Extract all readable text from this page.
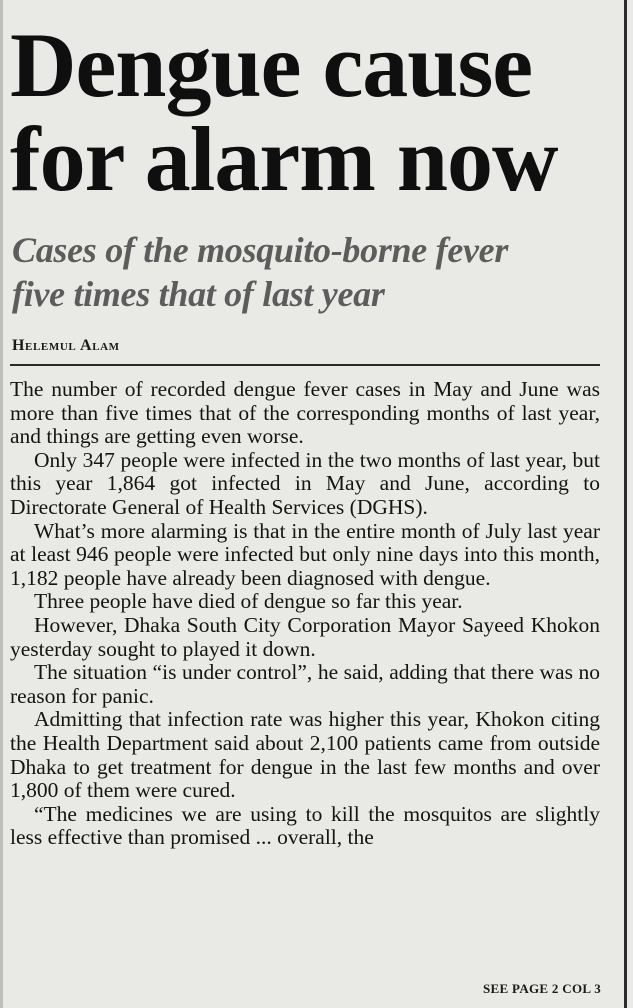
Dengue cause
for alarm now
Cases of the mosquito-borne fever
five times that of last year
Helemul Alam

The number of recorded dengue fever cases in May and June was more than five times that of the corresponding months of last year, and things are getting even worse.

Only 347 people were infected in the two months of last year, but this year 1,864 got infected in May and June, according to Directorate General of Health Services (DGHS).

What’s more alarming is that in the entire month of July last year at least 946 people were infected but only nine days into this month, 1,182 people have already been diagnosed with dengue.

Three people have died of dengue so far this year.

However, Dhaka South City Corporation Mayor Sayeed Khokon yesterday sought to played it down.

The situation “is under control”, he said, adding that there was no reason for panic.

Admitting that infection rate was higher this year, Khokon citing the Health Department said about 2,100 patients came from outside Dhaka to get treatment for dengue in the last few months and over 1,800 of them were cured.

“The medicines we are using to kill the mosquitos are slightly less effective than promised ... overall, the

SEE PAGE 2 COL 3
